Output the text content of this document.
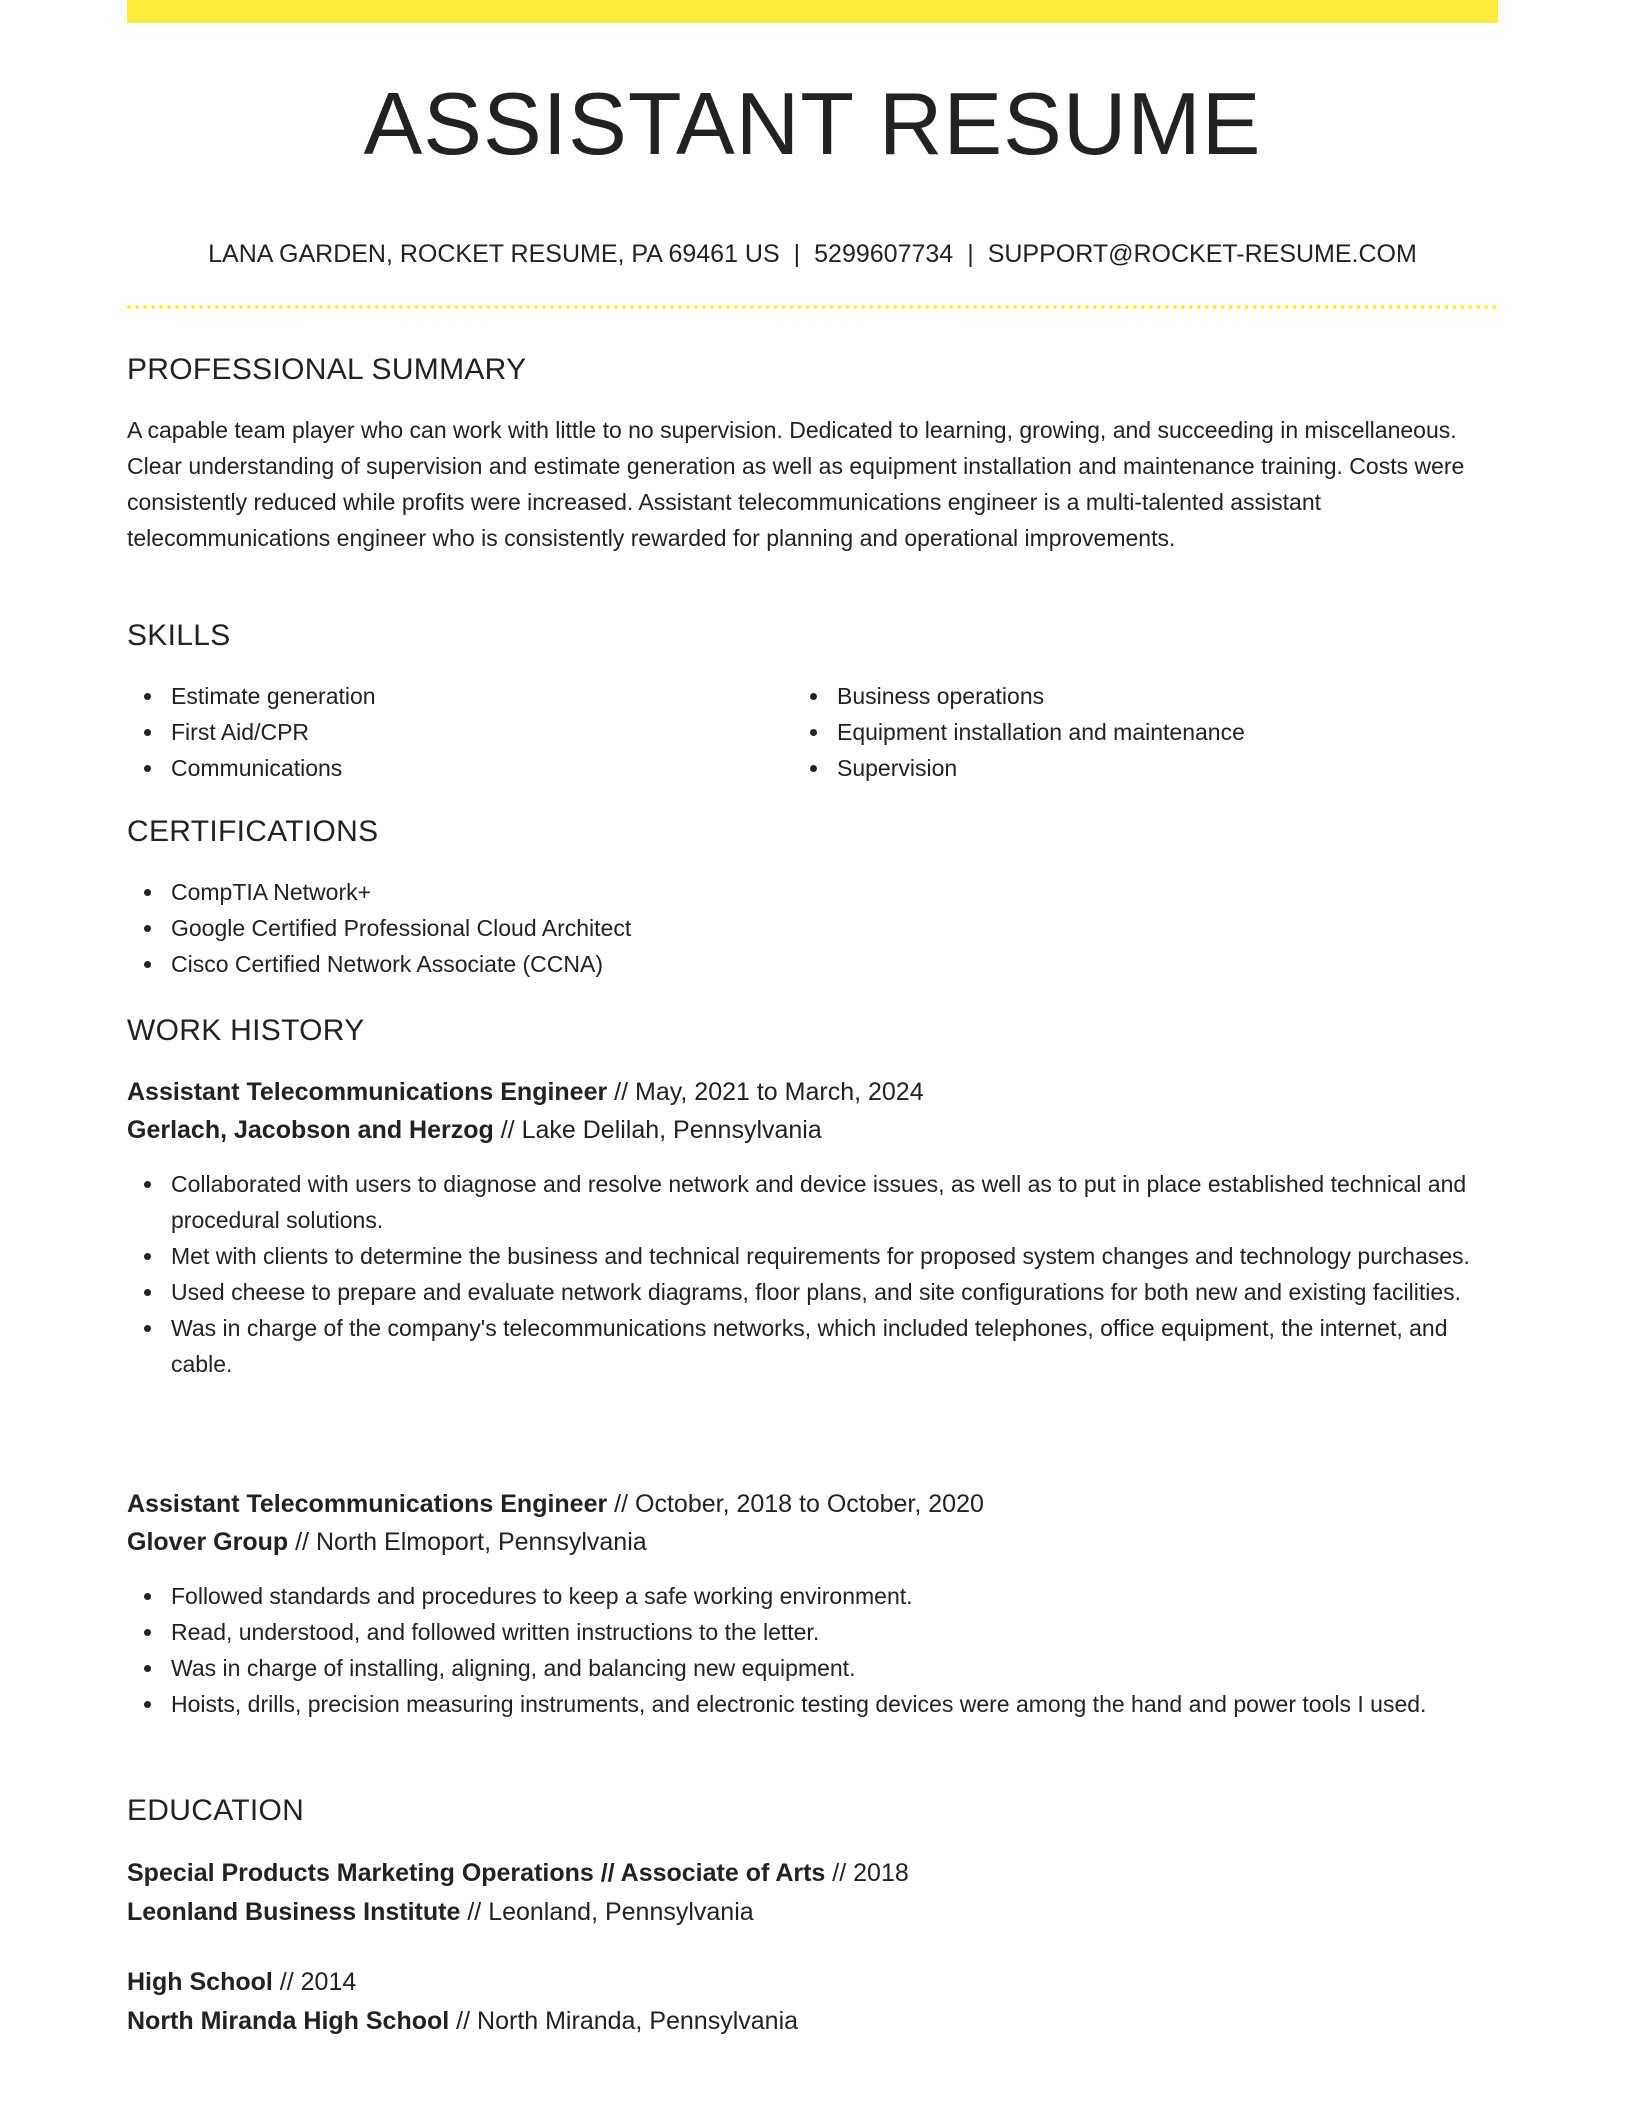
ASSISTANT RESUME
LANA GARDEN, ROCKET RESUME, PA 69461 US | 5299607734 | SUPPORT@ROCKET-RESUME.COM
PROFESSIONAL SUMMARY

A capable team player who can work with little to no supervision. Dedicated to learning, growing, and succeeding in miscellaneous. Clear understanding of supervision and estimate generation as well as equipment installation and maintenance training. Costs were consistently reduced while profits were increased. Assistant telecommunications engineer is a multi-talented assistant telecommunications engineer who is consistently rewarded for planning and operational improvements.

SKILLS
Estimate generation
First Aid/CPR
Communications
Business operations
Equipment installation and maintenance
Supervision
CERTIFICATIONS
CompTIA Network+
Google Certified Professional Cloud Architect
Cisco Certified Network Associate (CCNA)
WORK HISTORY
Assistant Telecommunications Engineer // May, 2021 to March, 2024
Gerlach, Jacobson and Herzog // Lake Delilah, Pennsylvania
Collaborated with users to diagnose and resolve network and device issues, as well as to put in place established technical and procedural solutions.
Met with clients to determine the business and technical requirements for proposed system changes and technology purchases.
Used cheese to prepare and evaluate network diagrams, floor plans, and site configurations for both new and existing facilities.
Was in charge of the company's telecommunications networks, which included telephones, office equipment, the internet, and cable.
Assistant Telecommunications Engineer // October, 2018 to October, 2020
Glover Group // North Elmoport, Pennsylvania
Followed standards and procedures to keep a safe working environment.
Read, understood, and followed written instructions to the letter.
Was in charge of installing, aligning, and balancing new equipment.
Hoists, drills, precision measuring instruments, and electronic testing devices were among the hand and power tools I used.
EDUCATION
Special Products Marketing Operations // Associate of Arts // 2018
Leonland Business Institute // Leonland, Pennsylvania
High School // 2014
North Miranda High School // North Miranda, Pennsylvania
